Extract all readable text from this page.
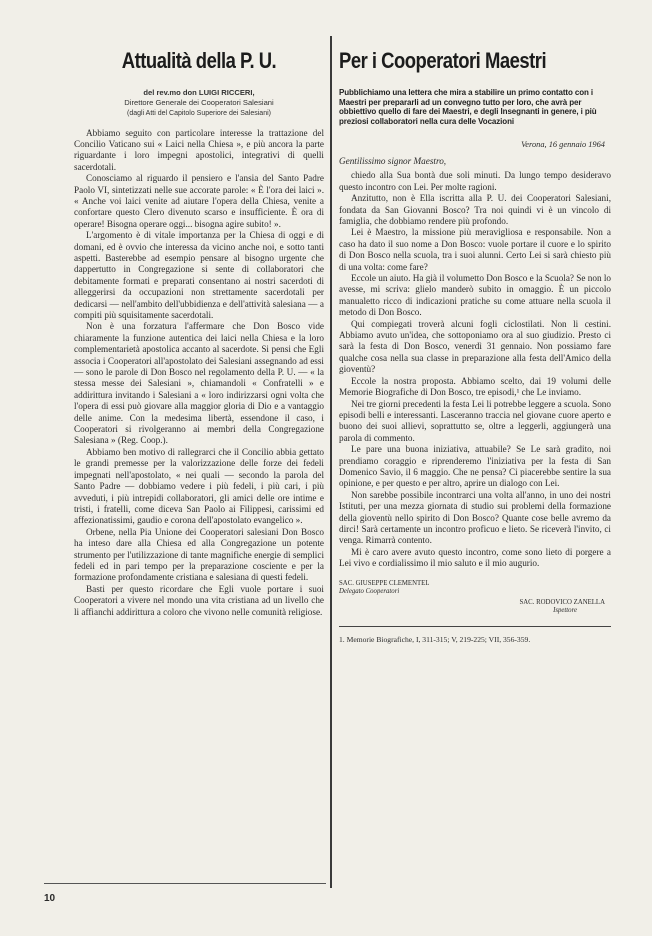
Attualità della P. U.
del rev.mo don LUIGI RICCERI,
Direttore Generale dei Cooperatori Salesiani
(dagli Atti del Capitolo Superiore dei Salesiani)

Abbiamo seguito con particolare interesse la trattazione del Concilio Vaticano sui « Laici nella Chiesa », e più ancora la parte riguardante i loro impegni apostolici, integrativi di quelli sacerdotali.

Conosciamo al riguardo il pensiero e l'ansia del Santo Padre Paolo VI, sintetizzati nelle sue accorate parole: « È l'ora dei laici ». « Anche voi laici venite ad aiutare l'opera della Chiesa, venite a confortare questo Clero divenuto scarso e insufficiente. È ora di operare! Bisogna operare oggi... bisogna agire subito! ».

L'argomento è di vitale importanza per la Chiesa di oggi e di domani, ed è ovvio che interessa da vicino anche noi, e sotto tanti aspetti. Basterebbe ad esempio pensare al bisogno urgente che dappertutto in Congregazione si sente di collaboratori che debitamente formati e preparati consentano ai nostri sacerdoti di alleggerirsi da occupazioni non strettamente sacerdotali per dedicarsi — nell'ambito dell'ubbidienza e dell'attività salesiana — a compiti più squisitamente sacerdotali.

Non è una forzatura l'affermare che Don Bosco vide chiaramente la funzione autentica dei laici nella Chiesa e la loro complementarietà apostolica accanto al sacerdote. Si pensi che Egli associa i Cooperatori all'apostolato dei Salesiani assegnando ad essi — sono le parole di Don Bosco nel regolamento della P. U. — « la stessa messe dei Salesiani », chiamandoli « Confratelli » e addirittura invitando i Salesiani a « loro indirizzarsi ogni volta che l'opera di essi può giovare alla maggior gloria di Dio e a vantaggio delle anime. Con la medesima libertà, essendone il caso, i Cooperatori si rivolgeranno ai membri della Congregazione Salesiana » (Reg. Coop.).

Abbiamo ben motivo di rallegrarci che il Concilio abbia gettato le grandi premesse per la valorizzazione delle forze dei fedeli impegnati nell'apostolato, « nei quali — secondo la parola del Santo Padre — dobbiamo vedere i più fedeli, i più cari, i più avveduti, i più intrepidi collaboratori, gli amici delle ore intime e tristi, i fratelli, come diceva San Paolo ai Filippesi, carissimi ed affezionatissimi, gaudio e corona dell'apostolato evangelico ».

Orbene, nella Pia Unione dei Cooperatori salesiani Don Bosco ha inteso dare alla Chiesa ed alla Congregazione un potente strumento per l'utilizzazione di tante magnifiche energie di semplici fedeli ed in pari tempo per la preparazione cosciente e per la formazione profondamente cristiana e salesiana di questi fedeli.

Basti per questo ricordare che Egli vuole portare i suoi Cooperatori a vivere nel mondo una vita cristiana ad un livello che li affianchi addirittura a coloro che vivono nelle comunità religiose.

Per i Cooperatori Maestri
Pubblichiamo una lettera che mira a stabilire un primo contatto con i Maestri per prepararli ad un convegno tutto per loro, che avrà per obbiettivo quello di fare dei Maestri, e degli Insegnanti in genere, i più preziosi collaboratori nella cura delle Vocazioni
Verona, 16 gennaio 1964
Gentilissimo signor Maestro,

chiedo alla Sua bontà due soli minuti. Da lungo tempo desideravo questo incontro con Lei. Per molte ragioni.

Anzitutto, non è Ella iscritta alla P. U. dei Cooperatori Salesiani, fondata da San Giovanni Bosco? Tra noi quindi vi è un vincolo di famiglia, che dobbiamo rendere più profondo.

Lei è Maestro, la missione più meravigliosa e responsabile. Non a caso ha dato il suo nome a Don Bosco: vuole portare il cuore e lo spirito di Don Bosco nella scuola, tra i suoi alunni. Certo Lei si sarà chiesto più di una volta: come fare?

Eccole un aiuto. Ha già il volumetto Don Bosco e la Scuola? Se non lo avesse, mi scriva: glielo manderò subito in omaggio. È un piccolo manualetto ricco di indicazioni pratiche su come attuare nella scuola il metodo di Don Bosco.

Qui compiegati troverà alcuni fogli ciclostilati. Non li cestini. Abbiamo avuto un'idea, che sottoponiamo ora al suo giudizio. Presto ci sarà la festa di Don Bosco, venerdì 31 gennaio. Non possiamo fare qualche cosa nella sua classe in preparazione alla festa dell'Amico della gioventù?

Eccole la nostra proposta. Abbiamo scelto, dai 19 volumi delle Memorie Biografiche di Don Bosco, tre episodi,¹ che Le inviamo.

Nei tre giorni precedenti la festa Lei li potrebbe leggere a scuola. Sono episodi belli e interessanti. Lasceranno traccia nel giovane cuore aperto e buono dei suoi allievi, soprattutto se, oltre a leggerli, aggiungerà una parola di commento.

Le pare una buona iniziativa, attuabile? Se Le sarà gradito, noi prendiamo coraggio e riprenderemo l'iniziativa per la festa di San Domenico Savio, il 6 maggio. Che ne pensa? Ci piacerebbe sentire la sua opinione, e per questo e per altro, aprire un dialogo con Lei.

Non sarebbe possibile incontrarci una volta all'anno, in uno dei nostri Istituti, per una mezza giornata di studio sui problemi della formazione della gioventù nello spirito di Don Bosco? Quante cose belle avremo da dirci! Sarà certamente un incontro proficuo e lieto. Se riceverà l'invito, ci venga. Rimarrà contento.

Mi è caro avere avuto questo incontro, come sono lieto di porgere a Lei vivo e cordialissimo il mio saluto e il mio augurio.

SAC. GIUSEPPE CLEMENTEL
Delegato Cooperatori
SAC. RODOVICO ZANELLA
Ispettore
1. Memorie Biografiche, I, 311-315; V, 219-225; VII, 356-359.
10
